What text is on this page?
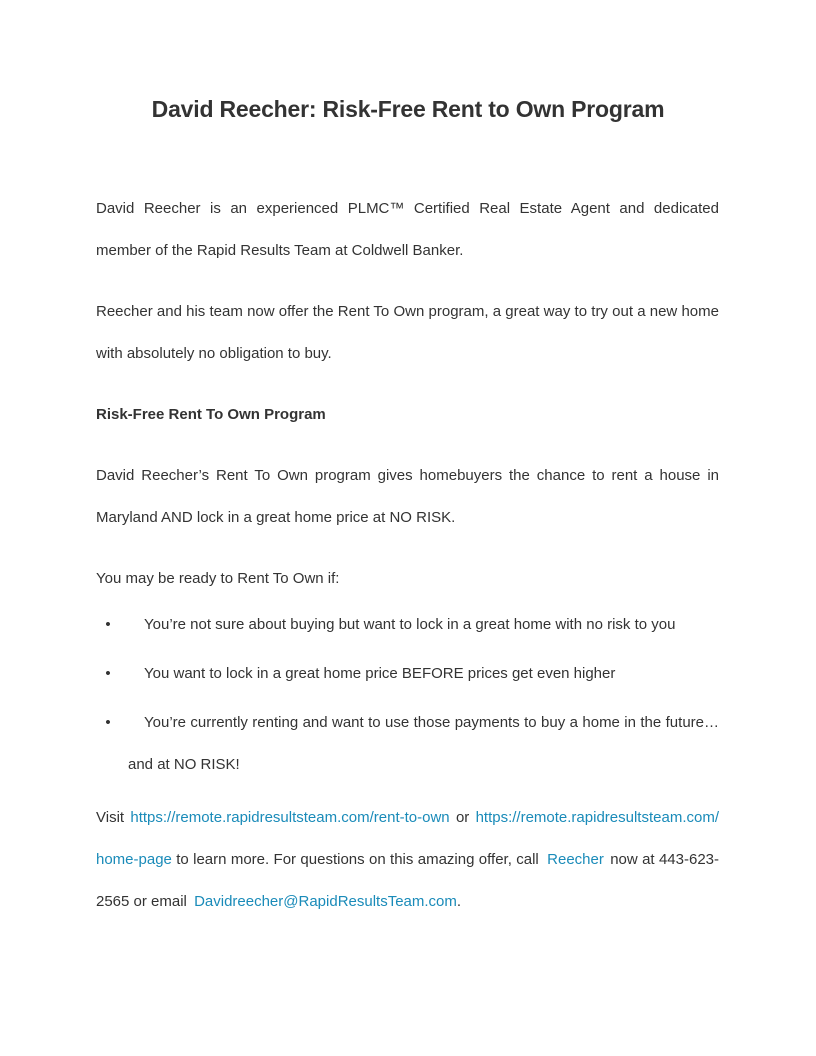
David Reecher: Risk-Free Rent to Own Program

David Reecher is an experienced PLMC™ Certified Real Estate Agent and dedicated member of the Rapid Results Team at Coldwell Banker.

Reecher and his team now offer the Rent To Own program, a great way to try out a new home with absolutely no obligation to buy.

Risk-Free Rent To Own Program

David Reecher’s Rent To Own program gives homebuyers the chance to rent a house in Maryland AND lock in a great home price at NO RISK.

You may be ready to Rent To Own if:

• You’re not sure about buying but want to lock in a great home with no risk to you
• You want to lock in a great home price BEFORE prices get even higher
• You’re currently renting and want to use those payments to buy a home in the future… and at NO RISK!

Visit https://remote.rapidresultsteam.com/rent-to-own or https://remote.rapidresultsteam.com/home-page to learn more. For questions on this amazing offer, call Reecher now at 443-623-2565 or email Davidreecher@RapidResultsTeam.com.
